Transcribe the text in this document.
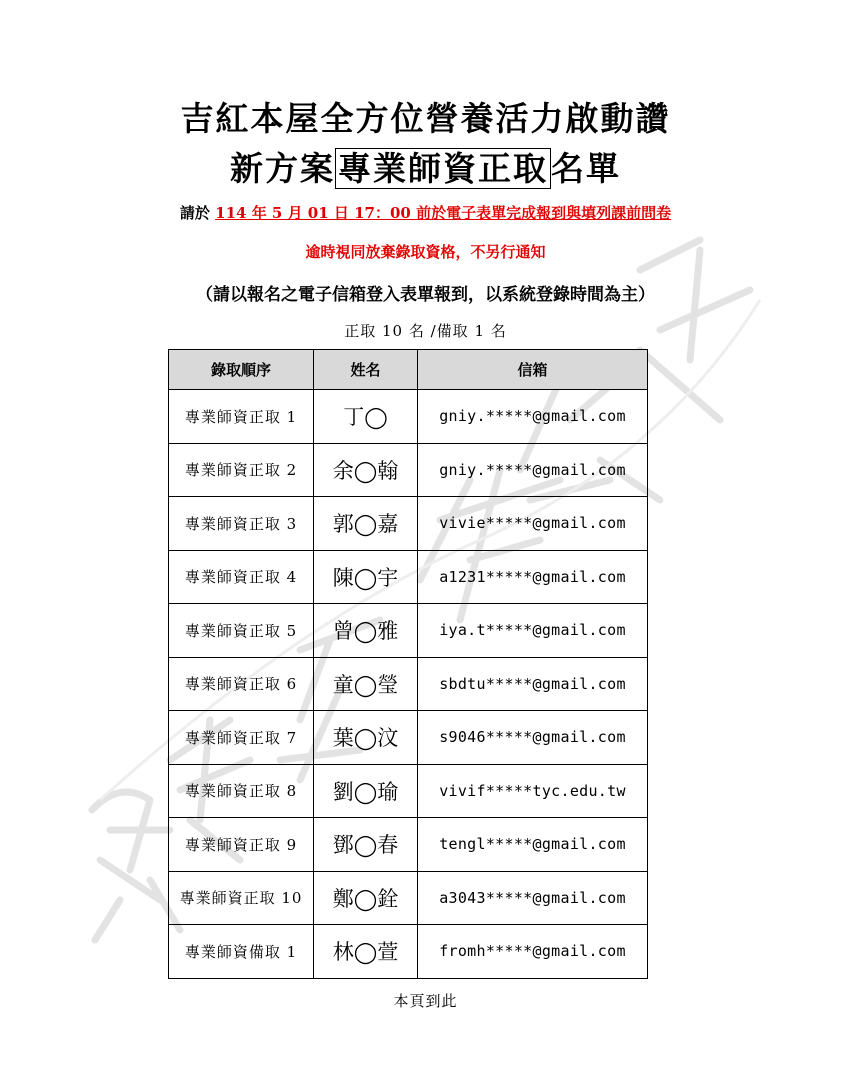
吉紅本屋全方位營養活力啟動讚
新方案專業師資正取名單
請於 114 年 5 月 01 日 17：00 前於電子表單完成報到與填列課前問卷
逾時視同放棄錄取資格，不另行通知
（請以報名之電子信箱登入表單報到，以系統登錄時間為主）
正取 10 名 /備取 1 名
錄取順序	姓名	信箱
專業師資正取 1	丁◯	gniy.*****@gmail.com
專業師資正取 2	余◯翰	gniy.*****@gmail.com
專業師資正取 3	郭◯嘉	vivie*****@gmail.com
專業師資正取 4	陳◯宇	a1231*****@gmail.com
專業師資正取 5	曾◯雅	iya.t*****@gmail.com
專業師資正取 6	童◯瑩	sbdtu*****@gmail.com
專業師資正取 7	葉◯汶	s9046*****@gmail.com
專業師資正取 8	劉◯瑜	vivif*****tyc.edu.tw
專業師資正取 9	鄧◯春	tengl*****@gmail.com
專業師資正取 10	鄭◯銓	a3043*****@gmail.com
專業師資備取 1	林◯萱	fromh*****@gmail.com
本頁到此
